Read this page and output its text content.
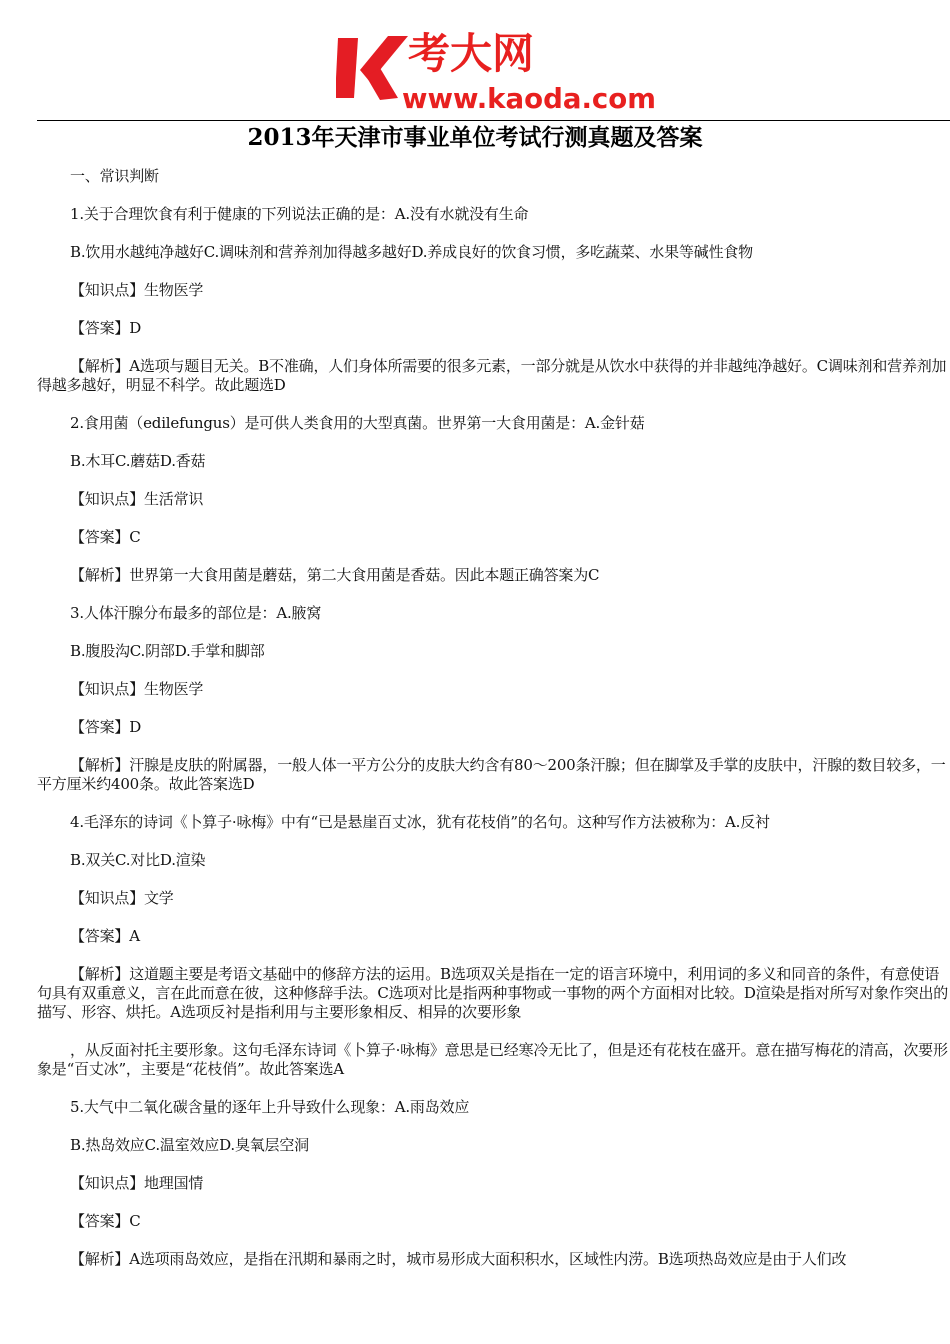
考大网
www.kaoda.com
2013年天津市事业单位考试行测真题及答案

一、常识判断

1.关于合理饮食有利于健康的下列说法正确的是：A.没有水就没有生命

B.饮用水越纯净越好C.调味剂和营养剂加得越多越好D.养成良好的饮食习惯，多吃蔬菜、水果等碱性食物

【知识点】生物医学

【答案】D

【解析】A选项与题目无关。B不准确，人们身体所需要的很多元素，一部分就是从饮水中获得的并非越纯净越好。C调味剂和营养剂加得越多越好，明显不科学。故此题选D

2.食用菌（edilefungus）是可供人类食用的大型真菌。世界第一大食用菌是：A.金针菇

B.木耳C.蘑菇D.香菇

【知识点】生活常识

【答案】C

【解析】世界第一大食用菌是蘑菇，第二大食用菌是香菇。因此本题正确答案为C

3.人体汗腺分布最多的部位是：A.腋窝

B.腹股沟C.阴部D.手掌和脚部

【知识点】生物医学

【答案】D

【解析】汗腺是皮肤的附属器，一般人体一平方公分的皮肤大约含有80～200条汗腺；但在脚掌及手掌的皮肤中，汗腺的数目较多，一平方厘米约400条。故此答案选D

4.毛泽东的诗词《卜算子·咏梅》中有“已是悬崖百丈冰，犹有花枝俏”的名句。这种写作方法被称为：A.反衬

B.双关C.对比D.渲染

【知识点】文学

【答案】A

【解析】这道题主要是考语文基础中的修辞方法的运用。B选项双关是指在一定的语言环境中，利用词的多义和同音的条件，有意使语句具有双重意义，言在此而意在彼，这种修辞手法。C选项对比是指两种事物或一事物的两个方面相对比较。D渲染是指对所写对象作突出的描写、形容、烘托。A选项反衬是指利用与主要形象相反、相异的次要形象

，从反面衬托主要形象。这句毛泽东诗词《卜算子·咏梅》意思是已经寒冷无比了，但是还有花枝在盛开。意在描写梅花的清高，次要形象是“百丈冰”，主要是“花枝俏”。故此答案选A

5.大气中二氧化碳含量的逐年上升导致什么现象：A.雨岛效应

B.热岛效应C.温室效应D.臭氧层空洞

【知识点】地理国情

【答案】C

【解析】A选项雨岛效应，是指在汛期和暴雨之时，城市易形成大面积积水，区域性内涝。B选项热岛效应是由于人们改
